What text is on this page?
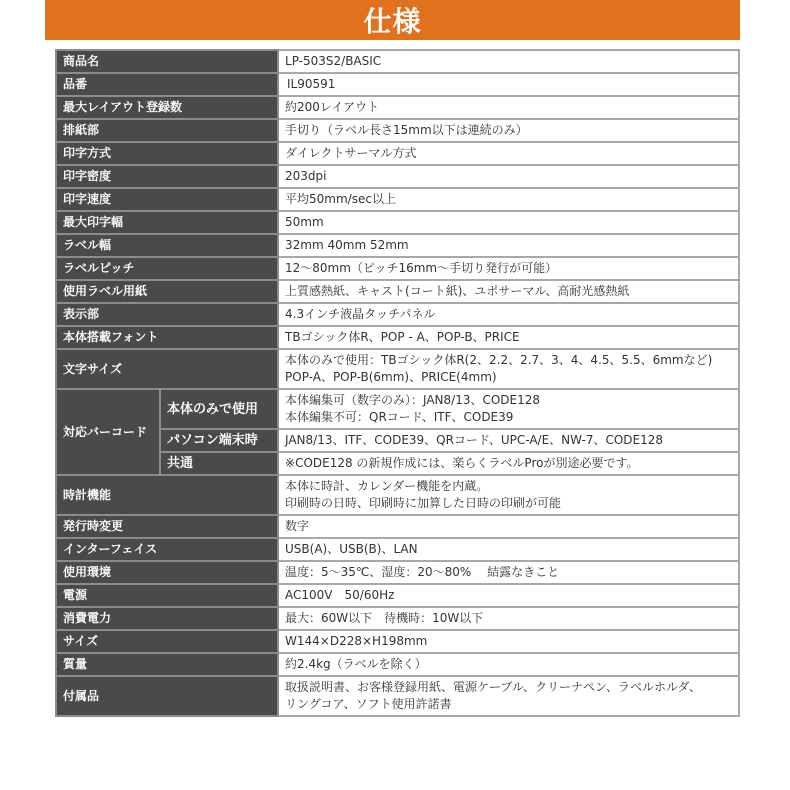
仕様
商品名		LP-503S2/BASIC
品番		IL90591
最大レイアウト登録数		約200レイアウト
排紙部		手切り（ラベル長さ15mm以下は連続のみ）
印字方式		ダイレクトサーマル方式
印字密度		203dpi
印字速度		平均50mm/sec以上
最大印字幅		50mm
ラベル幅		32mm 40mm 52mm
ラベルピッチ		12〜80mm（ピッチ16mm〜手切り発行が可能）
使用ラベル用紙		上質感熱紙、キャスト(コート紙)、ユポサーマル、高耐光感熱紙
表示部		4.3インチ液晶タッチパネル
本体搭載フォント		TBゴシック体R、POP - A、POP-B、PRICE
文字サイズ		本体のみで使用：TBゴシック体R(2、2.2、2.7、3、4、4.5、5.5、6mmなど)
POP-A、POP-B(6mm)、PRICE(4mm)

対応バーコード	本体のみで使用	本体編集可（数字のみ）：JAN8/13、CODE128
本体編集不可：QRコード、ITF、CODE39

	パソコン端末時	JAN8/13、ITF、CODE39、QRコード、UPC-A/E、NW-7、CODE128
	共通	※CODE128 の新規作成には、楽らくラベルProが別途必要です。
時計機能		本体に時計、カレンダー機能を内蔵。
印刷時の日時、印刷時に加算した日時の印刷が可能

発行時変更		数字
インターフェイス		USB(A)、USB(B)、LAN
使用環境		温度：5〜35℃、湿度：20〜80%　 結露なきこと
電源		AC100V　50/60Hz
消費電力		最大：60W以下　待機時：10W以下
サイズ		W144×D228×H198mm
質量		約2.4kg（ラベルを除く）
付属品		取扱説明書、お客様登録用紙、電源ケーブル、クリーナペン、ラベルホルダ、
リングコア、ソフト使用許諾書
